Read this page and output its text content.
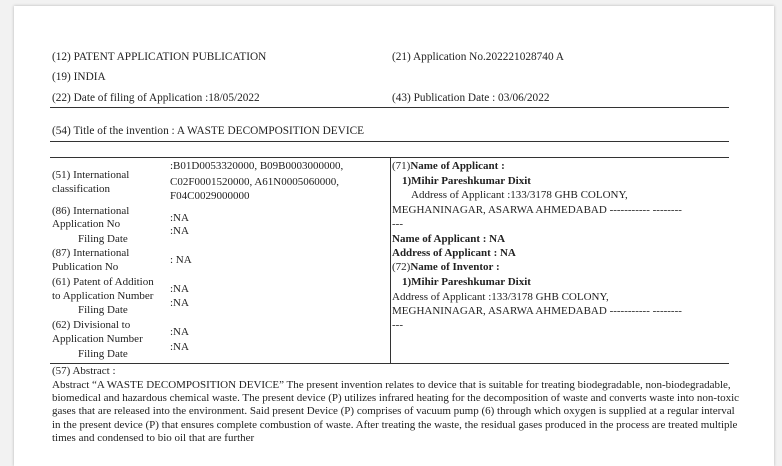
(12) PATENT APPLICATION PUBLICATION
(19) INDIA
(22) Date of filing of Application :18/05/2022
(21) Application No.202221028740 A
(43) Publication Date : 03/06/2022
(54) Title of the invention : A WASTE DECOMPOSITION DEVICE
(51) International
classification
:B01D0053320000, B09B0003000000,
C02F0001520000, A61N0005060000,
F04C0029000000
(86) International
Application No
Filing Date
:NA
:NA
(87) International
Publication No
: NA
(61) Patent of Addition
to Application Number
Filing Date
:NA
:NA
(62) Divisional to
Application Number
Filing Date
:NA
:NA
(71)Name of Applicant :
1)Mihir Pareshkumar Dixit
Address of Applicant :133/3178 GHB COLONY,
MEGHANINAGAR, ASARWA AHMEDABAD ----------- --------
---
Name of Applicant : NA
Address of Applicant : NA
(72)Name of Inventor :
1)Mihir Pareshkumar Dixit
Address of Applicant :133/3178 GHB COLONY,
MEGHANINAGAR, ASARWA AHMEDABAD ----------- --------
---
(57) Abstract :
Abstract “A WASTE DECOMPOSITION DEVICE” The present invention relates to device that is suitable for treating biodegradable, non-biodegradable, biomedical and hazardous chemical waste. The present device (P) utilizes infrared heating for the decomposition of waste and converts waste into non-toxic gases that are released into the environment. Said present Device (P) comprises of vacuum pump (6) through which oxygen is supplied at a regular interval in the present device (P) that ensures complete combustion of waste. After treating the waste, the residual gases produced in the process are treated multiple times and condensed to bio oil that are further
